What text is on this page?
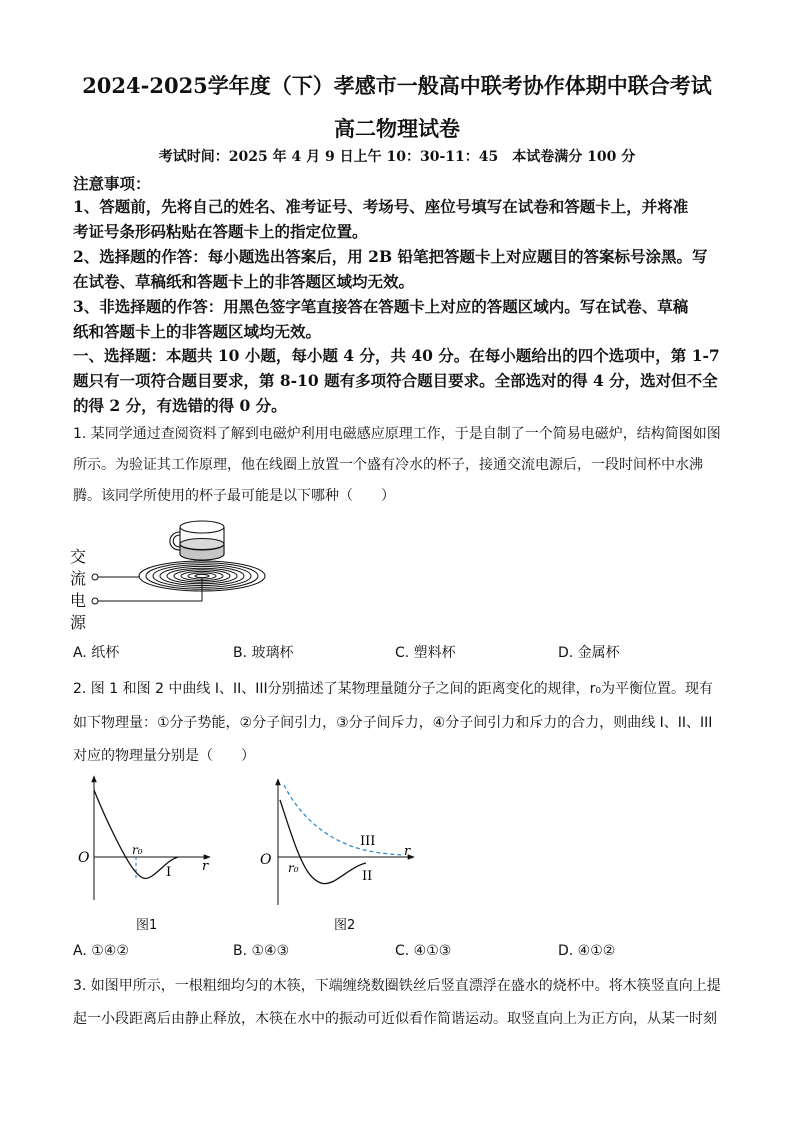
2024-2025学年度（下）孝感市一般高中联考协作体期中联合考试
高二物理试卷
考试时间：2025 年 4 月 9 日上午 10：30-11：45　本试卷满分 100 分
注意事项：
1、答题前，先将自己的姓名、准考证号、考场号、座位号填写在试卷和答题卡上，并将准
考证号条形码粘贴在答题卡上的指定位置。
2、选择题的作答：每小题选出答案后，用 2B 铅笔把答题卡上对应题目的答案标号涂黑。写
在试卷、草稿纸和答题卡上的非答题区域均无效。
3、非选择题的作答：用黑色签字笔直接答在答题卡上对应的答题区域内。写在试卷、草稿
纸和答题卡上的非答题区域均无效。
一、选择题：本题共 10 小题，每小题 4 分，共 40 分。在每小题给出的四个选项中，第 1-7
题只有一项符合题目要求，第 8-10 题有多项符合题目要求。全部选对的得 4 分，选对但不全
的得 2 分，有选错的得 0 分。
1. 某同学通过查阅资料了解到电磁炉利用电磁感应原理工作，于是自制了一个简易电磁炉，结构简图如图
所示。为验证其工作原理，他在线圈上放置一个盛有冷水的杯子，接通交流电源后，一段时间杯中水沸
腾。该同学所使用的杯子最可能是以下哪种（　　）
交
流
电
源
A. 纸杯	B. 玻璃杯	C. 塑料杯	D. 金属杯
2. 图 1 和图 2 中曲线 I、II、III分别描述了某物理量随分子之间的距离变化的规律，r₀为平衡位置。现有
如下物理量：①分子势能，②分子间引力，③分子间斥力，④分子间引力和斥力的合力，则曲线 I、II、III
对应的物理量分别是（　　）
O	r₀
r
I
图1
O r₀
r
III
II
图2
A. ①④②	B. ①④③	C. ④①③	D. ④①②
3. 如图甲所示，一根粗细均匀的木筷，下端缠绕数圈铁丝后竖直漂浮在盛水的烧杯中。将木筷竖直向上提
起一小段距离后由静止释放，木筷在水中的振动可近似看作简谐运动。取竖直向上为正方向，从某一时刻
